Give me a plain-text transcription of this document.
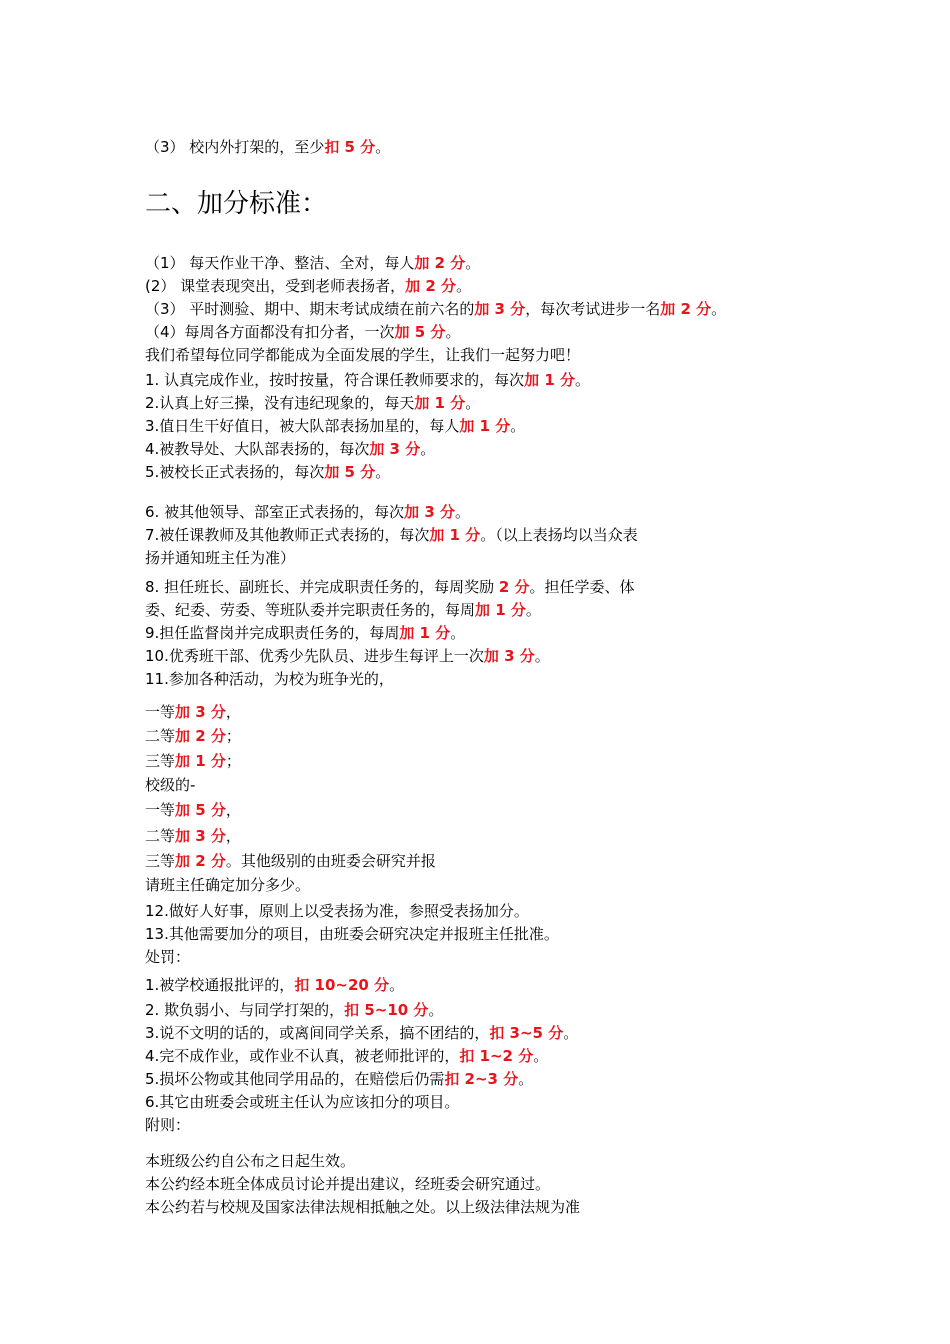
（3） 校内外打架的，至少扣 5 分。
二、加分标准：
（1） 每天作业干净、整洁、全对，每人加 2 分。
(2） 课堂表现突出，受到老师表扬者，加 2 分。
（3） 平时测验、期中、期末考试成绩在前六名的加 3 分，每次考试进步一名加 2 分。
（4）每周各方面都没有扣分者，一次加 5 分。
我们希望每位同学都能成为全面发展的学生，让我们一起努力吧！
1. 认真完成作业，按时按量，符合课任教师要求的，每次加 1 分。
2.认真上好三操，没有违纪现象的，每天加 1 分。
3.值日生干好值日，被大队部表扬加星的，每人加 1 分。
4.被教导处、大队部表扬的，每次加 3 分。
5.被校长正式表扬的，每次加 5 分。
6. 被其他领导、部室正式表扬的，每次加 3 分。
7.被任课教师及其他教师正式表扬的，每次加 1 分。（以上表扬均以当众表
扬并通知班主任为准）
8. 担任班长、副班长、并完成职责任务的，每周奖励 2 分。担任学委、体
委、纪委、劳委、等班队委并完职责任务的，每周加 1 分。
9.担任监督岗并完成职责任务的，每周加 1 分。
10.优秀班干部、优秀少先队员、进步生每评上一次加 3 分。
11.参加各种活动，为校为班争光的，
一等加 3 分，
二等加 2 分；
三等加 1 分；
校级的-
一等加 5 分，
二等加 3 分，
三等加 2 分。其他级别的由班委会研究并报
请班主任确定加分多少。
12.做好人好事，原则上以受表扬为准，参照受表扬加分。
13.其他需要加分的项目，由班委会研究决定并报班主任批准。
处罚：
1.被学校通报批评的，扣 10~20 分。
2. 欺负弱小、与同学打架的，扣 5~10 分。
3.说不文明的话的，或离间同学关系，搞不团结的，扣 3~5 分。
4.完不成作业，或作业不认真，被老师批评的，扣 1~2 分。
5.损坏公物或其他同学用品的，在赔偿后仍需扣 2~3 分。
6.其它由班委会或班主任认为应该扣分的项目。
附则：
本班级公约自公布之日起生效。
本公约经本班全体成员讨论并提出建议，经班委会研究通过。
本公约若与校规及国家法律法规相抵触之处。以上级法律法规为准
